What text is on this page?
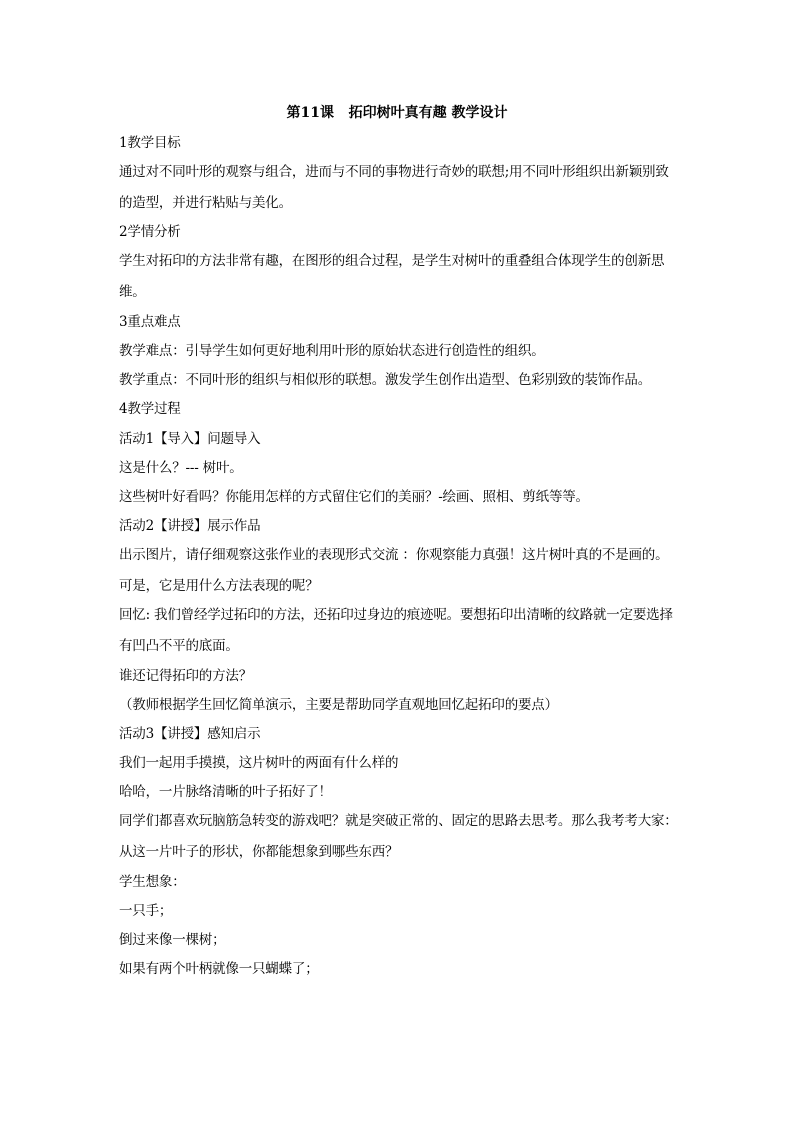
第11课   拓印树叶真有趣 教学设计

1教学目标

通过对不同叶形的观察与组合，进而与不同的事物进行奇妙的联想;用不同叶形组织出新颖别致的造型，并进行粘贴与美化。

2学情分析

学生对拓印的方法非常有趣，在图形的组合过程，是学生对树叶的重叠组合体现学生的创新思维。

3重点难点

教学难点：引导学生如何更好地利用叶形的原始状态进行创造性的组织。

教学重点：不同叶形的组织与相似形的联想。激发学生创作出造型、色彩别致的装饰作品。

4教学过程

活动1【导入】问题导入

这是什么？--- 树叶。

这些树叶好看吗？你能用怎样的方式留住它们的美丽？-绘画、照相、剪纸等等。

活动2【讲授】展示作品

出示图片，请仔细观察这张作业的表现形式交流 ：你观察能力真强！这片树叶真的不是画的。可是，它是用什么方法表现的呢？

回忆: 我们曾经学过拓印的方法，还拓印过身边的痕迹呢。要想拓印出清晰的纹路就一定要选择有凹凸不平的底面。

谁还记得拓印的方法？

（教师根据学生回忆简单演示，主要是帮助同学直观地回忆起拓印的要点）

活动3【讲授】感知启示

我们一起用手摸摸，这片树叶的两面有什么样的

哈哈，一片脉络清晰的叶子拓好了！

同学们都喜欢玩脑筋急转变的游戏吧？就是突破正常的、固定的思路去思考。那么我考考大家：从这一片叶子的形状，你都能想象到哪些东西？

学生想象：

一只手；

倒过来像一棵树；

如果有两个叶柄就像一只蝴蝶了；
